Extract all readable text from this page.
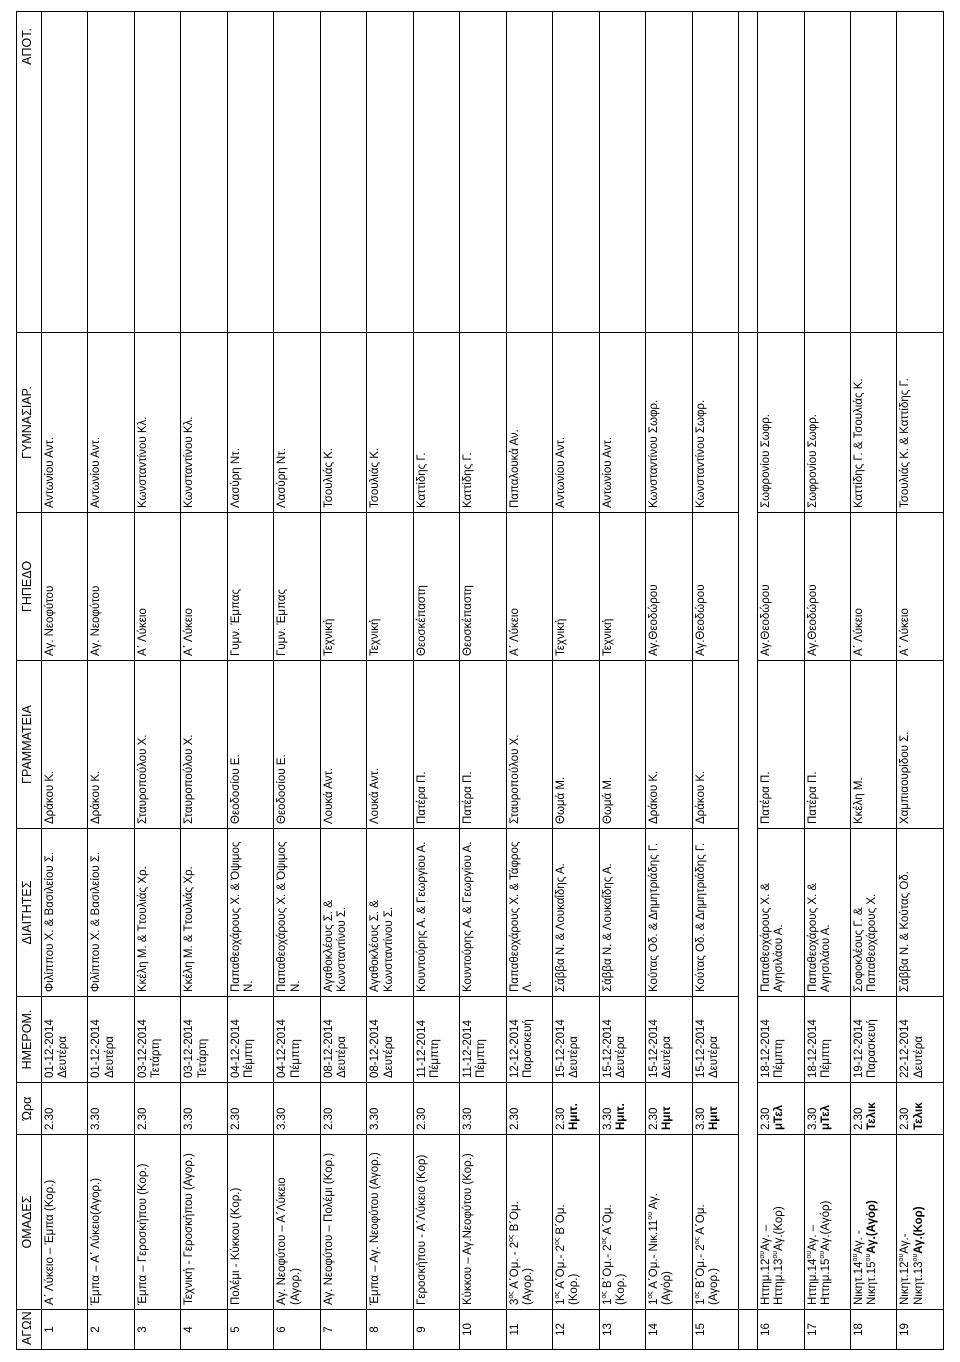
ΑΓΩΝ	ΟΜΑΔΕΣ	Ώρα	ΗΜΕΡΟΜ.	ΔΙΑΙΤΗΤΕΣ	ΓΡΑΜΜΑΤΕΙΑ	ΓΗΠΕΔΟ	ΓΥΜΝΑΣΙΑΡ.	ΑΠΟΤ.
1	Α΄ Λύκειο – Έμπα (Κορ.)	2.30	01-12-2014 Δευτέρα	Φιλίππου Χ. & Βασιλείου Σ.	Δράκου Κ.	Αγ. Νεοφύτου	Αντωνίου Αντ.	
2	Έμπα – Α΄ Λύκειο(Αγορ.)	3.30	01-12-2014 Δευτέρα	Φιλίππου Χ. & Βασιλείου Σ.	Δράκου Κ.	Αγ. Νεοφύτου	Αντωνίου Αντ.	
3	Έμπα – Γεροσκήπου (Κορ.)	2.30	03-12-2014 Τετάρτη	Κκέλη Μ. & Ττουλιάς Χρ.	Σταυροπούλου Χ.	Α΄ Λύκειο	Κωνσταντίνου Κλ.	
4	Τεχνική - Γεροσκήπου (Αγορ.)	3.30	03-12-2014 Τετάρτη	Κκέλη Μ. & Ττουλιάς Χρ.	Σταυροπούλου Χ.	Α΄ Λύκειο	Κωνσταντίνου Κλ.	
5	Πολέμι - Κύκκου (Κορ.)	2.30	04-12-2014 Πέμπτη	Παπαθεοχάρους Χ. & Όψιμος Ν.	Θεοδοσίου Ε.	Γυμν. Έμπας	Λασύρη Ντ.	
6	Αγ. Νεοφύτου – Α΄Λύκειο (Αγορ.)	3.30	04-12-2014 Πέμπτη	Παπαθεοχάρους Χ. & Όψιμος Ν.	Θεοδοσίου Ε.	Γυμν. Έμπας	Λασύρη Ντ.	
7	Αγ. Νεοφύτου – Πολέμι (Κορ.)	2.30	08-12-2014 Δευτέρα	Αγαθοκλέους Σ. & Κωνσταντίνου Σ.	Λουκά Αντ.	Τεχνική	Τσουλιάς Κ.	
8	Έμπα – Αγ. Νεοφύτου (Αγορ.)	3.30	08-12-2014 Δευτέρα	Αγαθοκλέους Σ. & Κωνσταντίνου Σ.	Λουκά Αντ.	Τεχνική	Τσουλιάς Κ.	
9	Γεροσκήπου - Α΄Λύκειο (Κορ)	2.30	11-12-2014 Πέμπτη	Κουντούρης Α. & Γεωργίου Α.	Πατέρα Π.	Θεοσκέπαστη	Καττίδης Γ.	
10	Κύκκου – Αγ.Νεοφύτου (Κορ.)	3.30	11-12-2014 Πέμπτη	Κουντούρης Α. & Γεωργίου Α.	Πατέρα Π.	Θεοσκέπαστη	Καττίδης Γ.	
11	$3^{o\varsigma}$ Α΄Ομ. - $2^{o\varsigma}$ Β΄Ομ.
(Αγορ.)	2.30	12-12-2014 Παρασκευή	Παπαθεοχάρους Χ. & Τάφρος Λ.	Σταυροπούλου Χ.	Α΄ Λύκειο	Παπαλουκά Αν.	
12	$1^{o\varsigma}$ Α΄Ομ.- $2^{o\varsigma}$ Β΄Ομ.
(Κορ.)	2.30 Ημιτ.	15-12-2014 Δευτέρα	Σάββα Ν. & Λουκαΐδης Α.	Θωμά Μ.	Τεχνική	Αντωνίου Αντ.	
13	$1^{o\varsigma}$ Β΄Ομ.- $2^{o\varsigma}$ Α΄Ομ.
(Κορ.)	3.30 Ημιτ.	15-12-2014 Δευτέρα	Σάββα Ν. & Λουκαΐδης Α.	Θωμά Μ.	Τεχνική	Αντωνίου Αντ.	
14	$1^{o\varsigma}$ Α΄Ομ.- $N\iota\kappa.11^{o\upsilon}$ Αγ.
(Αγόρ)	2.30 Ημιτ	15-12-2014 Δευτέρα	Κούτας Οδ. & Δημητριάδης Γ.	Δράκου Κ.	Αγ.Θεοδώρου	Κωνσταντίνου Σωφρ.	
15	$1^{o\varsigma}$ Β΄Ομ.- $2^{o\varsigma}$ Α΄Ομ.
(Αγορ.)	3.30 Ημιτ	15-12-2014 Δευτέρα	Κούτας Οδ. & Δημητριάδης Γ.	Δράκου Κ.	Αγ.Θεοδώρου	Κωνσταντίνου Σωφρ.	

16	$H\tau\tau\eta\mu.12^{o\upsilon}A\gamma$. –
$H\tau\tau\eta\mu.13^{o\upsilon}A\gamma.(Ko\rho)$	2.30 μΤελ	18-12-2014 Πέμπτη	Παπαθεοχάρους Χ. & Αγησιλάου Α.	Πατέρα Π.	Αγ.Θεοδώρου	Σωφρονίου Σωφρ.	
17	$H\tau\tau\eta\mu.14^{o\upsilon}A\gamma$. –
$H\tau\tau\eta\mu.15^{o\upsilon}A\gamma.(A\gamma ό\rho)$	3.30 μΤελ	18-12-2014 Πέμπτη	Παπαθεοχάρους Χ. & Αγησιλάου Α.	Πατέρα Π.	Αγ.Θεοδώρου	Σωφρονίου Σωφρ.	
18	$N\iota\kappa\eta\tau.14^{o\upsilon}A\gamma$. -
$N\iota\kappa\eta\tau.15^{o\upsilon}A\gamma.(A\gamma ό\rho)$	2.30 Τελικ	19-12-2014 Παρασκευή	Σοφοκλέους Γ. & Παπαθεοχάρους Χ.	Κκέλη Μ.	Α΄ Λύκειο	Καττίδης Γ. & Τσουλιάς Κ.	
19	$N\iota\kappa\eta\tau.12^{o\upsilon}A\gamma.-$
$N\iota\kappa\eta\tau.13^{o\upsilon}A\gamma.(Ko\rho)$	2.30 Τελικ	22-12-2014 Δευτέρα	Σάββα Ν. & Κούτας Οδ.	Χαμπιαουρίδου Σ.	Α΄ Λύκειο	Τσουλιάς Κ. & Καττίδης Γ.	
